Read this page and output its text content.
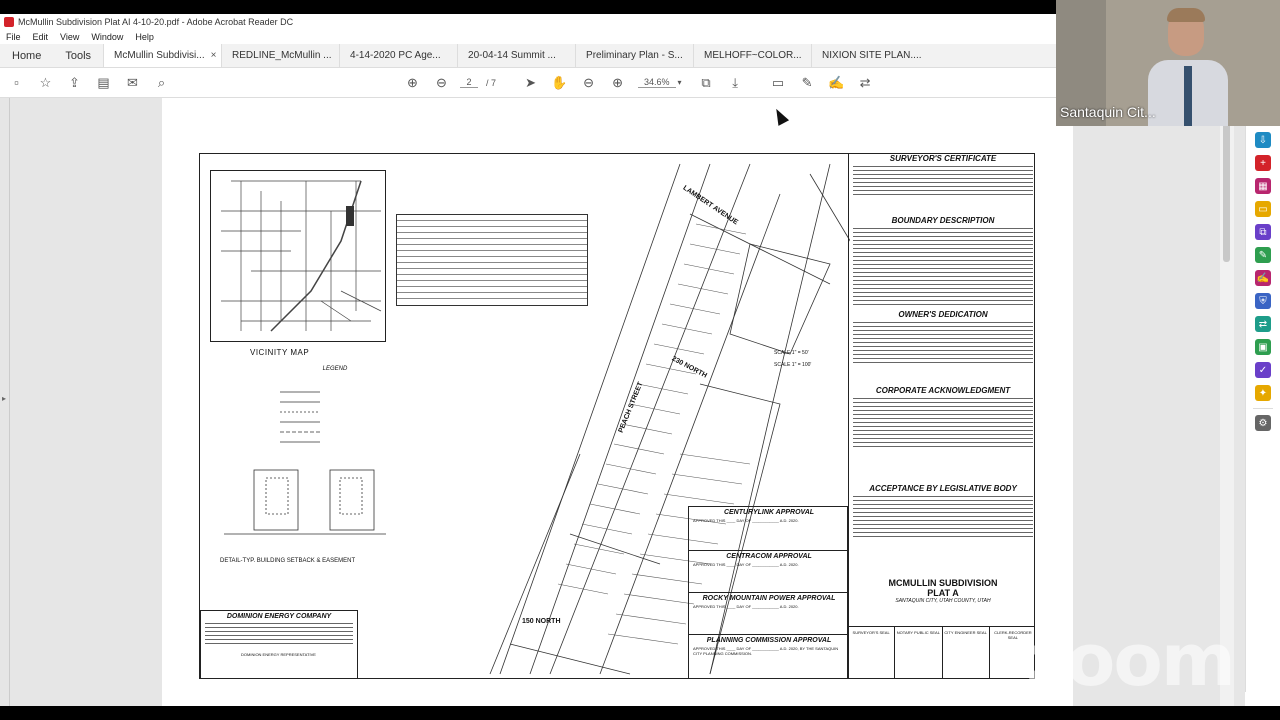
McMullin Subdivision Plat AI 4-10-20.pdf - Adobe Acrobat Reader DC
File Edit View Window Help
Home	Tools	McMullin Subdivisi... ×	REDLINE_McMullin ...	4-14-2020 PC Age...	20-04-14 Summit ...	Preliminary Plan - S...	MELHOFF~COLOR...	NIXION SITE PLAN....
▫	☆	⇪	▤	✉	⌕	⊕	⊖	2	/ 7	➤	✋	⊖	⊕	34.6%	▾	⧉	⤓	▭	✎	✍	⇄
▸
VICINITY MAP
LEGEND
DETAIL-TYP. BUILDING SETBACK & EASEMENT
DOMINION ENERGY COMPANY
DOMINION ENERGY REPRESENTATIVE
LAMBERT AVENUE
230 NORTH
PEACH STREET
150 NORTH
SCALE 1" = 50'
SCALE 1" = 100'
CENTURYLINK APPROVAL
APPROVED THIS ____ DAY OF ____________ A.D. 2020.
CENTRACOM APPROVAL
APPROVED THIS ____ DAY OF ____________ A.D. 2020.
ROCKY MOUNTAIN POWER APPROVAL
APPROVED THIS ____ DAY OF ____________ A.D. 2020.
PLANNING COMMISSION APPROVAL
APPROVED THIS ____ DAY OF ____________ A.D. 2020, BY THE SANTAQUIN CITY PLANNING COMMISSION.
SURVEYOR'S CERTIFICATE
BOUNDARY DESCRIPTION
OWNER'S DEDICATION
CORPORATE ACKNOWLEDGMENT
ACCEPTANCE BY LEGISLATIVE BODY
MCMULLIN SUBDIVISION
PLAT A
SANTAQUIN CITY, UTAH COUNTY, UTAH
SURVEYOR'S SEAL	NOTARY PUBLIC SEAL	CITY ENGINEER SEAL	CLERK-RECORDER SEAL
⇩
+
▦
▭
⧉
✎
✍
⛨
⇄
▣
✓
✦
⚙
Santaquin Cit...
zoom
